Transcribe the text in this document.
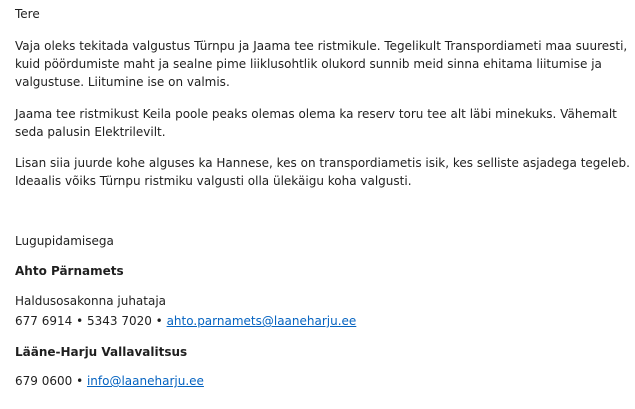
Tere
Vaja oleks tekitada valgustus Türnpu ja Jaama tee ristmikule. Tegelikult Transpordiameti maa suuresti,
kuid pöördumiste maht ja sealne pime liiklusohtlik olukord sunnib meid sinna ehitama liitumise ja
valgustuse. Liitumine ise on valmis.
Jaama tee ristmikust Keila poole peaks olemas olema ka reserv toru tee alt läbi minekuks. Vähemalt
seda palusin Elektrilevilt.
Lisan siia juurde kohe alguses ka Hannese, kes on transpordiametis isik, kes selliste asjadega tegeleb.
Ideaalis võiks Türnpu ristmiku valgusti olla ülekäigu koha valgusti.
Lugupidamisega
Ahto Pärnamets
Haldusosakonna juhataja
677 6914 • 5343 7020 • ahto.parnamets@laaneharju.ee
Lääne-Harju Vallavalitsus
679 0600 • info@laaneharju.ee
